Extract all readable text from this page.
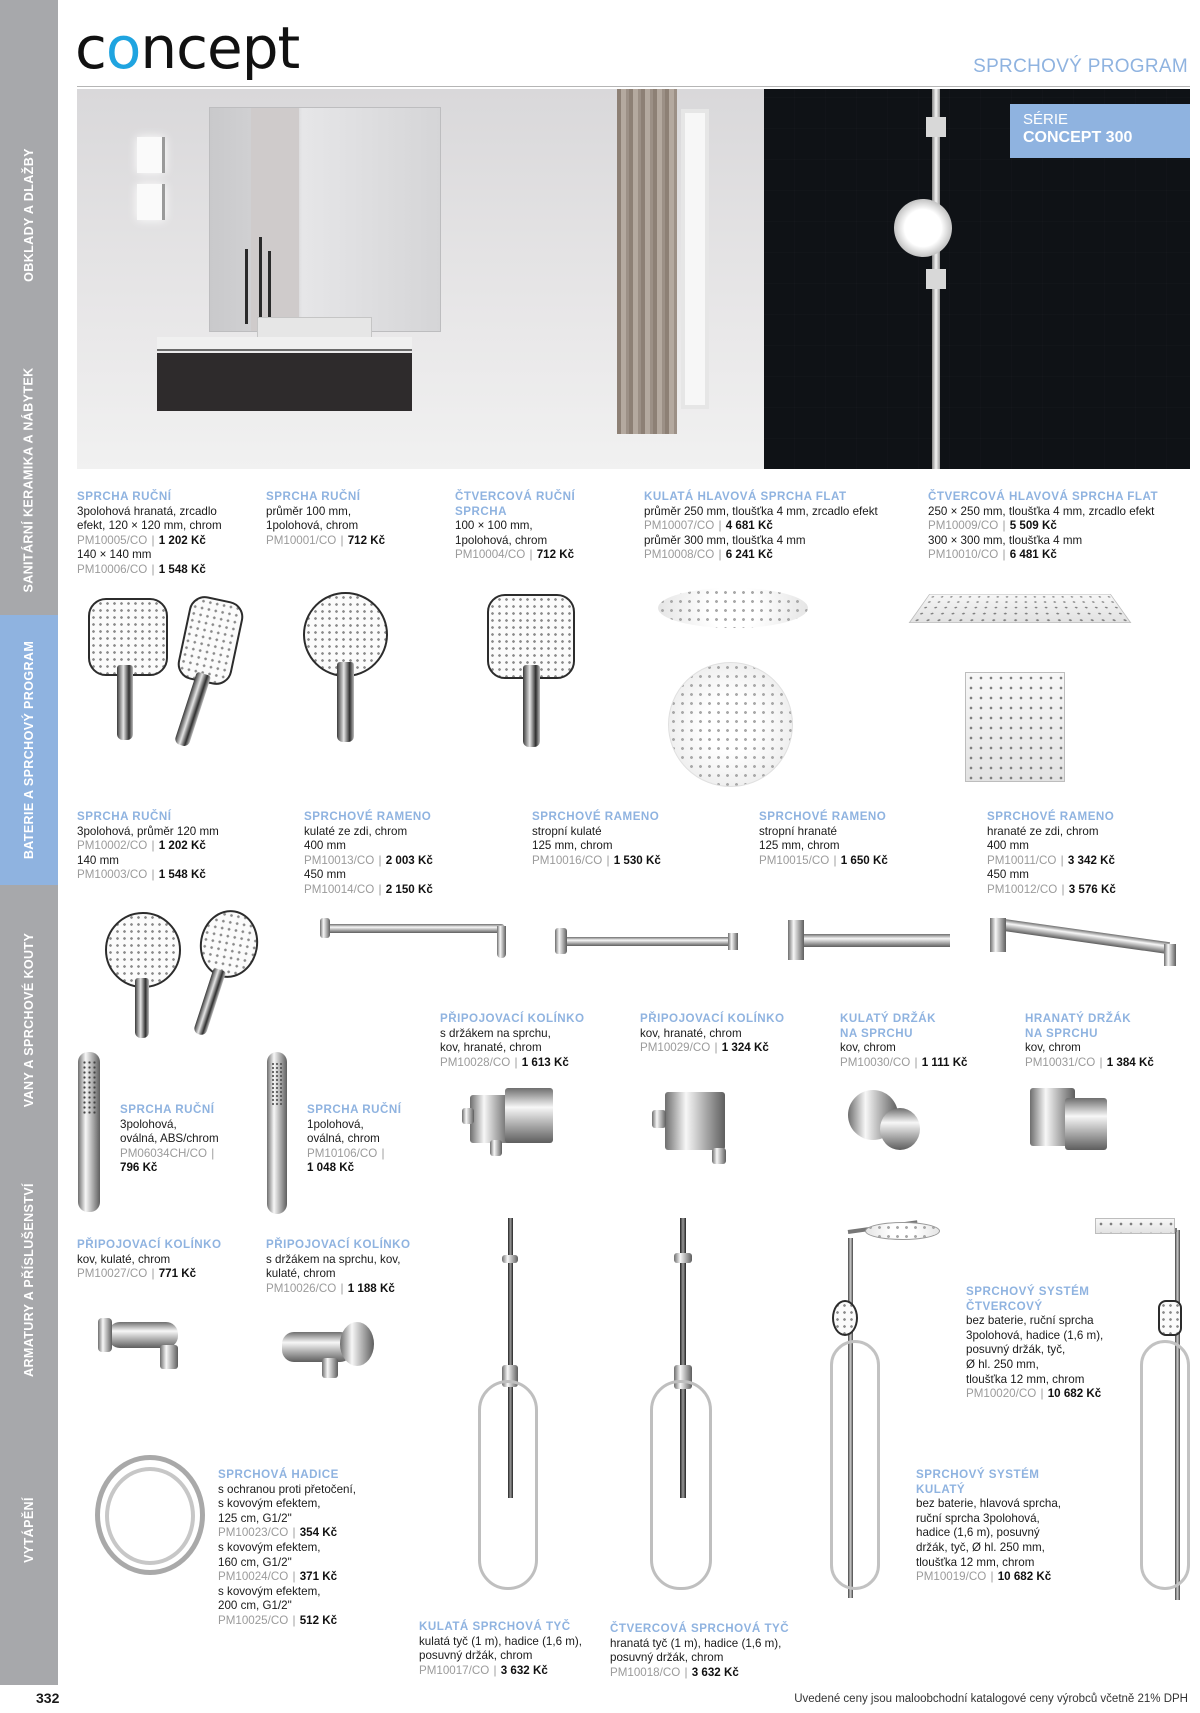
OBKLADY A DLAŽBY
SANITÁRNÍ KERAMIKA A NÁBYTEK
BATERIE A SPRCHOVÝ PROGRAM
VANY A SPRCHOVÉ KOUTY
ARMATURY A PŘÍSLUŠENSTVÍ
VYTÁPĚNÍ
concept	SPRCHOVÝ PROGRAM
SÉRIE
CONCEPT 300
SPRCHA RUČNÍ
3polohová hranatá, zrcadlo
efekt, 120 × 120 mm, chrom
PM10005/CO | 1 202 Kč
140 × 140 mm
PM10006/CO | 1 548 Kč
SPRCHA RUČNÍ
průměr 100 mm,
1polohová, chrom
PM10001/CO | 712 Kč
ČTVERCOVÁ RUČNÍ
SPRCHA
100 × 100 mm,
1polohová, chrom
PM10004/CO | 712 Kč
KULATÁ HLAVOVÁ SPRCHA FLAT
průměr 250 mm, tloušťka 4 mm, zrcadlo efekt
PM10007/CO | 4 681 Kč
průměr 300 mm, tloušťka 4 mm
PM10008/CO | 6 241 Kč
ČTVERCOVÁ HLAVOVÁ SPRCHA FLAT
250 × 250 mm, tloušťka 4 mm, zrcadlo efekt
PM10009/CO | 5 509 Kč
300 × 300 mm, tloušťka 4 mm
PM10010/CO | 6 481 Kč
SPRCHA RUČNÍ
3polohová, průměr 120 mm
PM10002/CO | 1 202 Kč
140 mm
PM10003/CO | 1 548 Kč
SPRCHOVÉ RAMENO
kulaté ze zdi, chrom
400 mm
PM10013/CO | 2 003 Kč
450 mm
PM10014/CO | 2 150 Kč
SPRCHOVÉ RAMENO
stropní kulaté
125 mm, chrom
PM10016/CO | 1 530 Kč
SPRCHOVÉ RAMENO
stropní hranaté
125 mm, chrom
PM10015/CO | 1 650 Kč
SPRCHOVÉ RAMENO
hranaté ze zdi, chrom
400 mm
PM10011/CO | 3 342 Kč
450 mm
PM10012/CO | 3 576 Kč
PŘIPOJOVACÍ KOLÍNKO
s držákem na sprchu,
kov, hranaté, chrom
PM10028/CO | 1 613 Kč
PŘIPOJOVACÍ KOLÍNKO
kov, hranaté, chrom
PM10029/CO | 1 324 Kč
KULATÝ DRŽÁK
NA SPRCHU
kov, chrom
PM10030/CO | 1 111 Kč
HRANATÝ DRŽÁK
NA SPRCHU
kov, chrom
PM10031/CO | 1 384 Kč
SPRCHA RUČNÍ
3polohová,
oválná, ABS/chrom
PM06034CH/CO |
796 Kč
SPRCHA RUČNÍ
1polohová,
oválná, chrom
PM10106/CO |
1 048 Kč
PŘIPOJOVACÍ KOLÍNKO
kov, kulaté, chrom
PM10027/CO | 771 Kč
PŘIPOJOVACÍ KOLÍNKO
s držákem na sprchu, kov,
kulaté, chrom
PM10026/CO | 1 188 Kč	SPRCHOVÝ SYSTÉM
ČTVERCOVÝ
bez baterie, ruční sprcha
3polohová, hadice (1,6 m),
posuvný držák, tyč,
Ø hl. 250 mm,
tloušťka 12 mm, chrom
PM10020/CO | 10 682 Kč
SPRCHOVÁ HADICE
s ochranou proti přetočení,
s kovovým efektem,
125 cm, G1/2"
PM10023/CO | 354 Kč
s kovovým efektem,
160 cm, G1/2"
PM10024/CO | 371 Kč
s kovovým efektem,
200 cm, G1/2"
PM10025/CO | 512 Kč
SPRCHOVÝ SYSTÉM
KULATÝ
bez baterie, hlavová sprcha,
ruční sprcha 3polohová,
hadice (1,6 m), posuvný
držák, tyč, Ø hl. 250 mm,
tloušťka 12 mm, chrom
PM10019/CO | 10 682 Kč
KULATÁ SPRCHOVÁ TYČ
kulatá tyč (1 m), hadice (1,6 m),
posuvný držák, chrom
PM10017/CO | 3 632 Kč
ČTVERCOVÁ SPRCHOVÁ TYČ
hranatá tyč (1 m), hadice (1,6 m),
posuvný držák, chrom
PM10018/CO | 3 632 Kč
332	Uvedené ceny jsou maloobchodní katalogové ceny výrobců včetně 21% DPH
